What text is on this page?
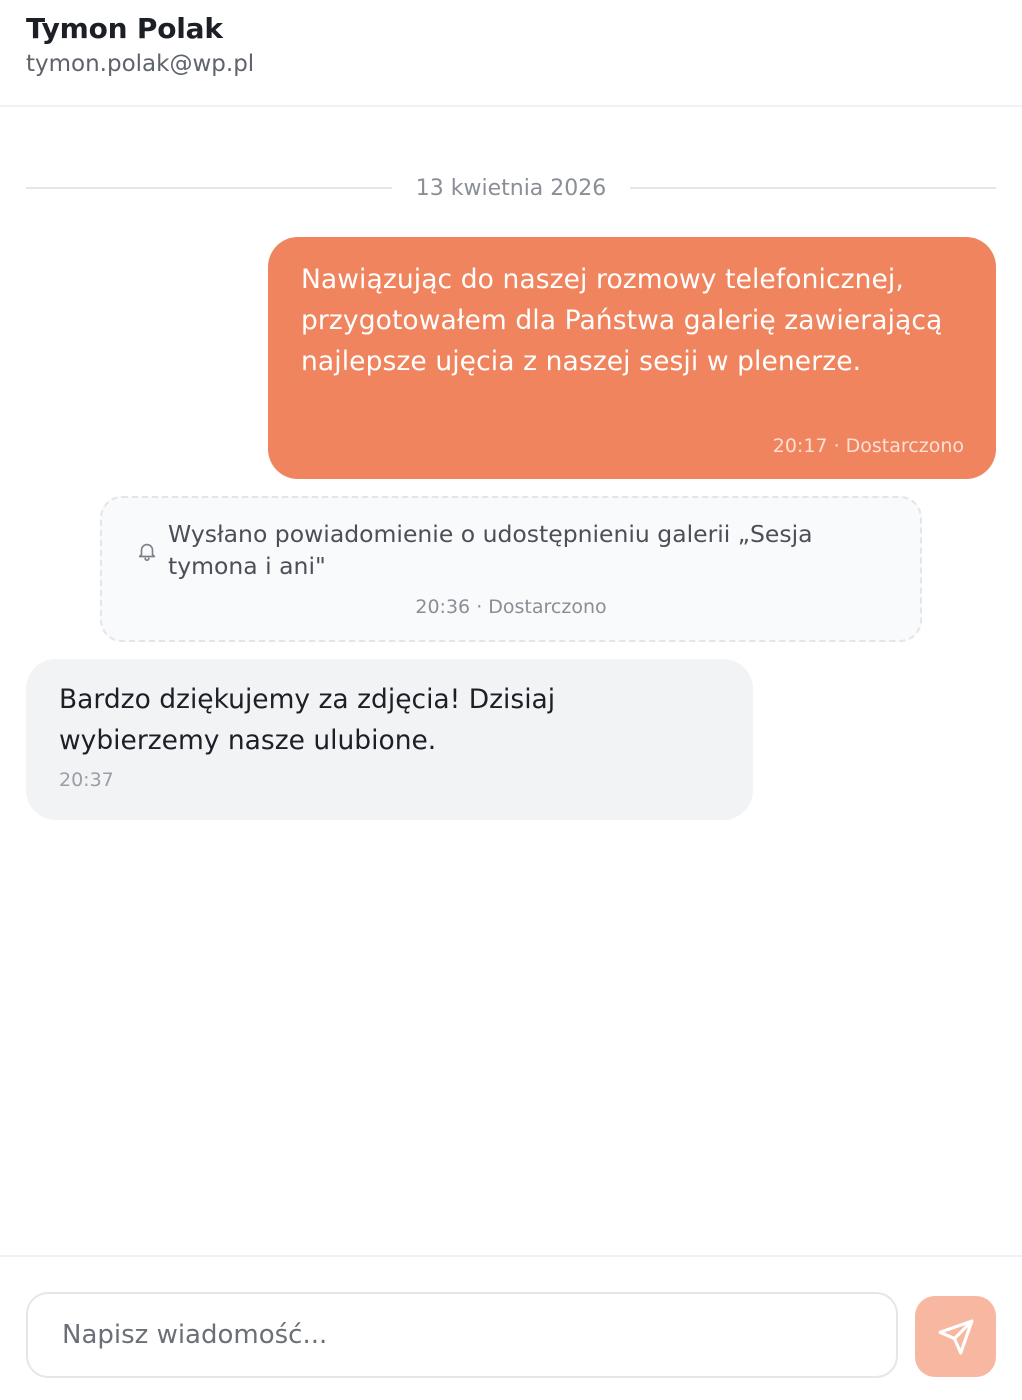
Tymon Polak
tymon.polak@wp.pl
13 kwietnia 2026
Nawiązując do naszej rozmowy telefonicznej, przygotowałem dla Państwa galerię zawierającą najlepsze ujęcia z naszej sesji w plenerze.
20:17 · Dostarczono
Wysłano powiadomienie o udostępnieniu galerii „Sesja tymona i ani"
20:36 · Dostarczono
Bardzo dziękujemy za zdjęcia! Dzisiaj wybierzemy nasze ulubione.
20:37
Napisz wiadomość...
